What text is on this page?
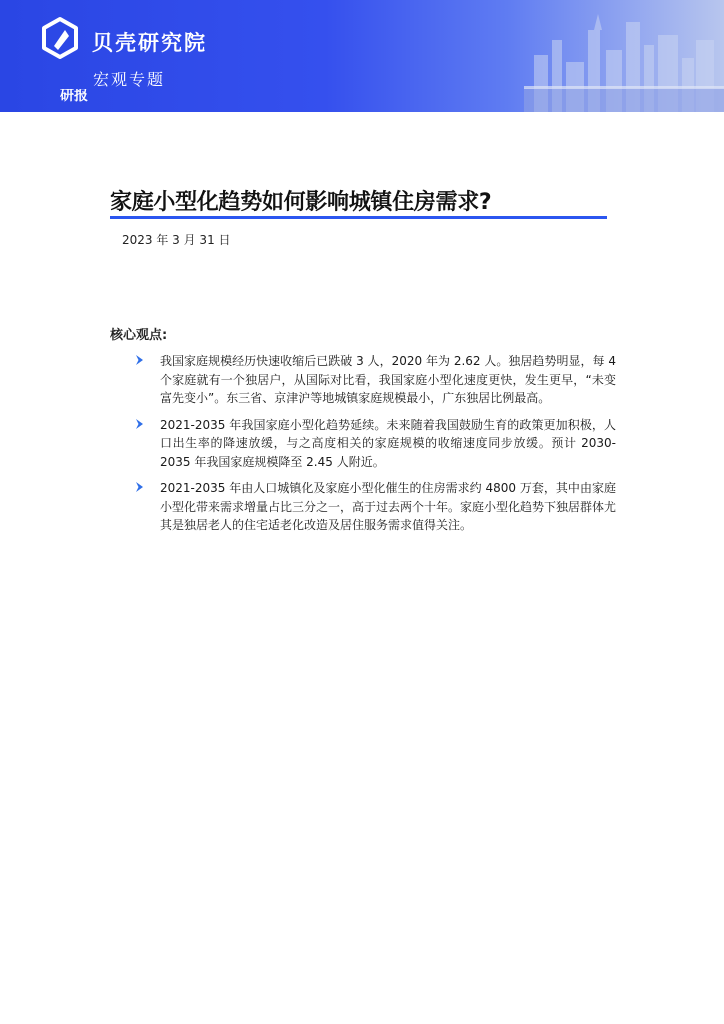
贝壳研究院
宏观专题
研报
家庭小型化趋势如何影响城镇住房需求?
2023 年 3 月 31 日
核心观点:
我国家庭规模经历快速收缩后已跌破 3 人，2020 年为 2.62 人。独居趋势明显，每 4 个家庭就有一个独居户，从国际对比看，我国家庭小型化速度更快，发生更早，“未变富先变小”。东三省、京津沪等地城镇家庭规模最小，广东独居比例最高。
2021-2035 年我国家庭小型化趋势延续。未来随着我国鼓励生育的政策更加积极，人口出生率的降速放缓，与之高度相关的家庭规模的收缩速度同步放缓。预计 2030-2035 年我国家庭规模降至 2.45 人附近。
2021-2035 年由人口城镇化及家庭小型化催生的住房需求约 4800 万套，其中由家庭小型化带来需求增量占比三分之一，高于过去两个十年。家庭小型化趋势下独居群体尤其是独居老人的住宅适老化改造及居住服务需求值得关注。
